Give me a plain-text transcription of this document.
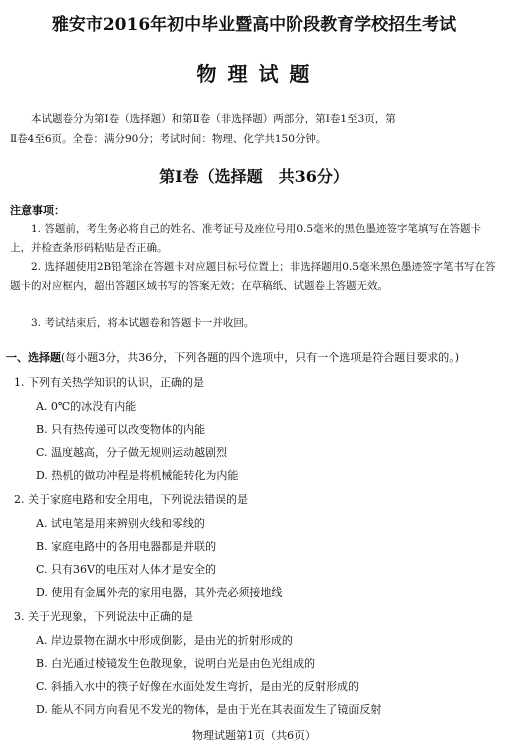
雅安市2016年初中毕业暨高中阶段教育学校招生考试
物 理 试 题

本试题卷分为第Ⅰ卷（选择题）和第Ⅱ卷（非选择题）两部分，第Ⅰ卷1至3页，第

Ⅱ卷4至6页。全卷：满分90分；考试时间：物理、化学共150分钟。

第Ⅰ卷（选择题　共36分）
注意事项：

1. 答题前，考生务必将自己的姓名、准考证号及座位号用0.5毫米的黑色墨迹签字笔填写在答题卡上，并检查条形码粘贴是否正确。

2. 选择题使用2B铅笔涂在答题卡对应题目标号位置上；非选择题用0.5毫米黑色墨迹签字笔书写在答题卡的对应框内，超出答题区域书写的答案无效；在草稿纸、试题卷上答题无效。

3. 考试结束后，将本试题卷和答题卡一并收回。

一、选择题(每小题3分，共36分，下列各题的四个选项中，只有一个选项是符合题目要求的。)
1. 下列有关热学知识的认识，正确的是
A. 0℃的冰没有内能
B. 只有热传递可以改变物体的内能
C. 温度越高，分子做无规则运动越剧烈
D. 热机的做功冲程是将机械能转化为内能
2. 关于家庭电路和安全用电，下列说法错误的是
A. 试电笔是用来辨别火线和零线的
B. 家庭电路中的各用电器都是并联的
C. 只有36V的电压对人体才是安全的
D. 使用有金属外壳的家用电器，其外壳必须接地线
3. 关于光现象，下列说法中正确的是
A. 岸边景物在湖水中形成倒影，是由光的折射形成的
B. 白光通过棱镜发生色散现象，说明白光是由色光组成的
C. 斜插入水中的筷子好像在水面处发生弯折，是由光的反射形成的
D. 能从不同方向看见不发光的物体，是由于光在其表面发生了镜面反射
物理试题第1页（共6页）
